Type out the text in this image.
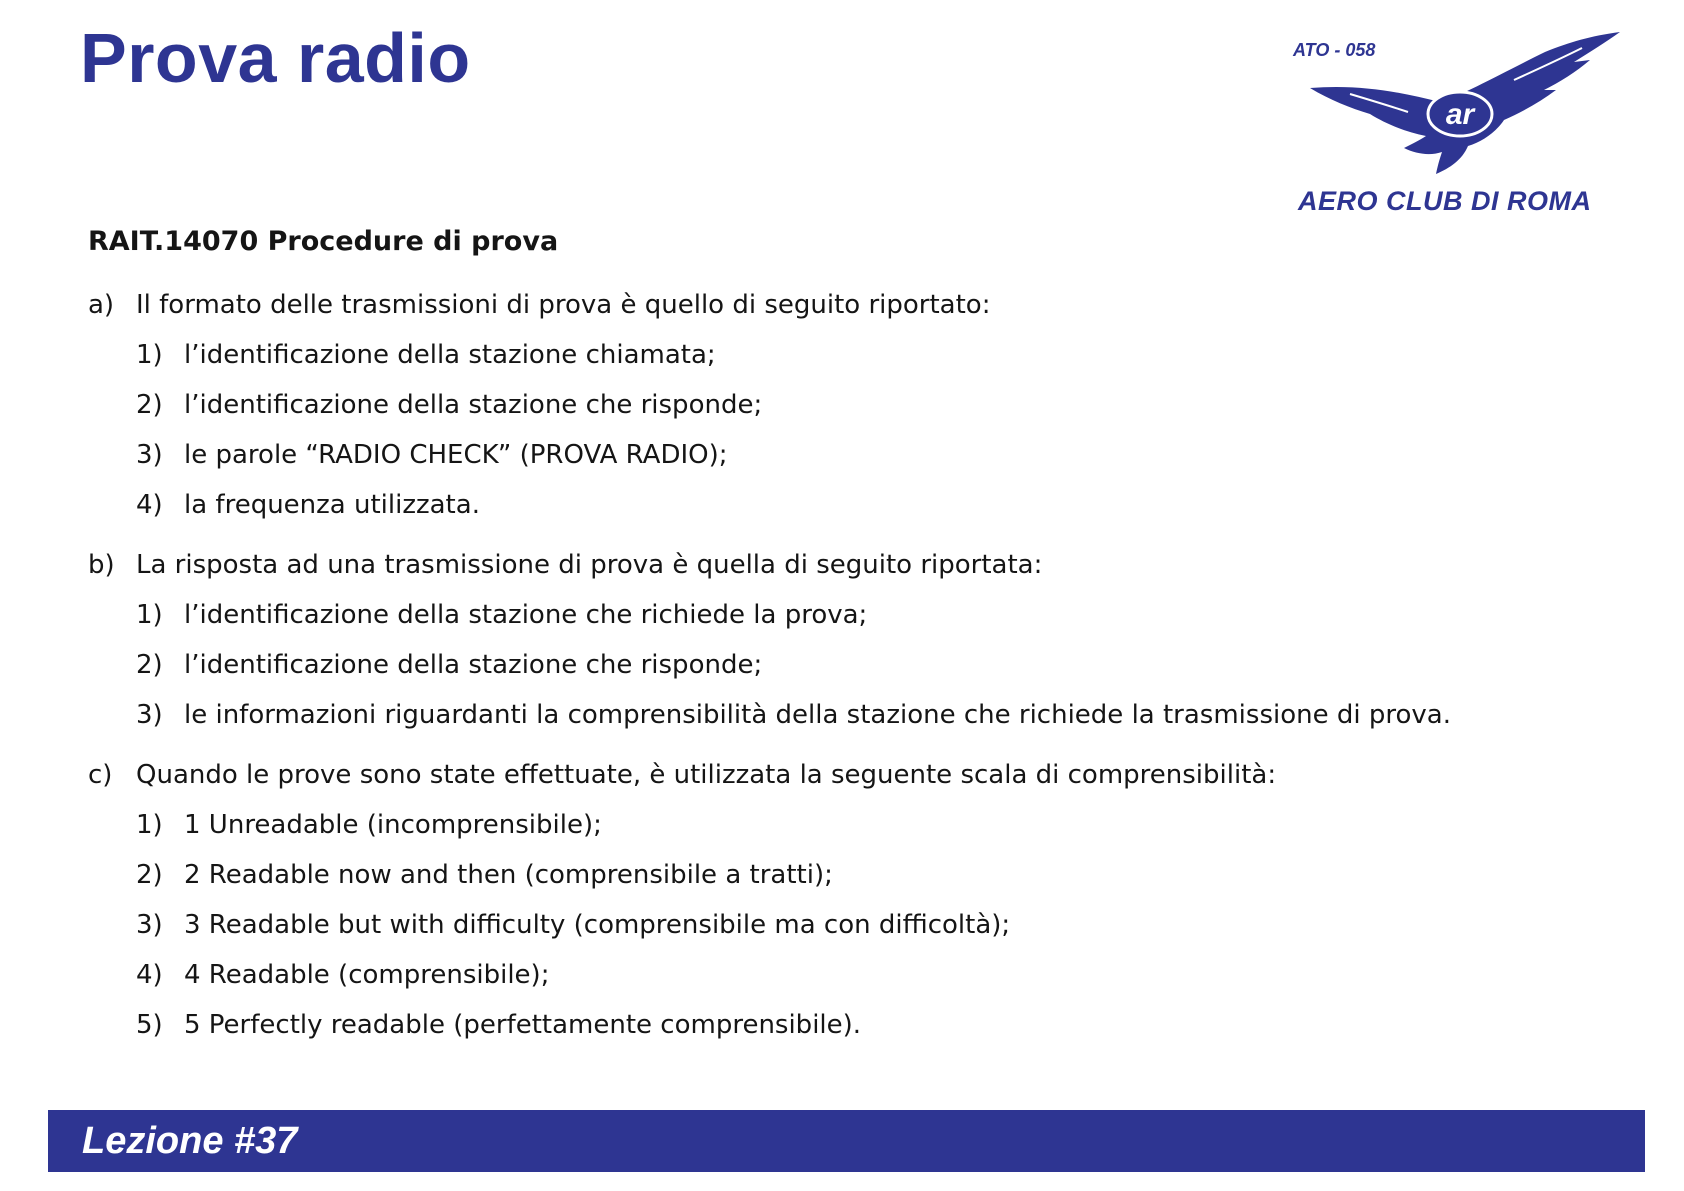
Prova radio
ar
ATO - 058
AERO CLUB DI ROMA
RAIT.14070 Procedure di prova
a) Il formato delle trasmissioni di prova è quello di seguito riportato:
1) l’identificazione della stazione chiamata;
2) l’identificazione della stazione che risponde;
3) le parole “RADIO CHECK” (PROVA RADIO);
4) la frequenza utilizzata.
b) La risposta ad una trasmissione di prova è quella di seguito riportata:
1) l’identificazione della stazione che richiede la prova;
2) l’identificazione della stazione che risponde;
3) le informazioni riguardanti la comprensibilità della stazione che richiede la trasmissione di prova.
c) Quando le prove sono state effettuate, è utilizzata la seguente scala di comprensibilità:
1) 1 Unreadable (incomprensibile);
2) 2 Readable now and then (comprensibile a tratti);
3) 3 Readable but with difficulty (comprensibile ma con difficoltà);
4) 4 Readable (comprensibile);
5) 5 Perfectly readable (perfettamente comprensibile).
Lezione #37
